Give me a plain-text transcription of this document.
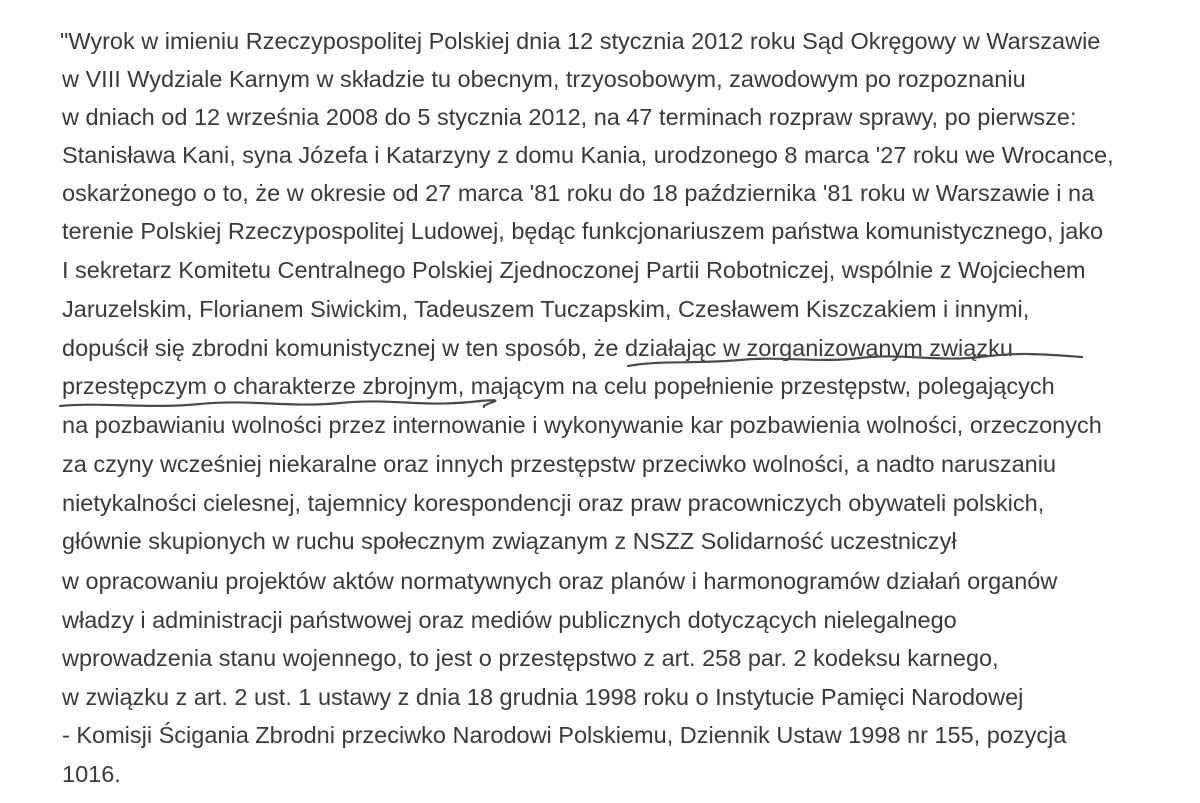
"Wyrok w imieniu Rzeczypospolitej Polskiej dnia 12 stycznia 2012 roku Sąd Okręgowy w Warszawie
w VIII Wydziale Karnym w składzie tu obecnym, trzyosobowym, zawodowym po rozpoznaniu
w dniach od 12 września 2008 do 5 stycznia 2012, na 47 terminach rozpraw sprawy, po pierwsze:
Stanisława Kani, syna Józefa i Katarzyny z domu Kania, urodzonego 8 marca '27 roku we Wrocance,
oskarżonego o to, że w okresie od 27 marca '81 roku do 18 października '81 roku w Warszawie i na
terenie Polskiej Rzeczypospolitej Ludowej, będąc funkcjonariuszem państwa komunistycznego, jako
I sekretarz Komitetu Centralnego Polskiej Zjednoczonej Partii Robotniczej, wspólnie z Wojciechem
Jaruzelskim, Florianem Siwickim, Tadeuszem Tuczapskim, Czesławem Kiszczakiem i innymi,
dopuścił się zbrodni komunistycznej w ten sposób, że działając w zorganizowanym związku
przestępczym o charakterze zbrojnym, mającym na celu popełnienie przestępstw, polegających
na pozbawianiu wolności przez internowanie i wykonywanie kar pozbawienia wolności, orzeczonych
za czyny wcześniej niekaralne oraz innych przestępstw przeciwko wolności, a nadto naruszaniu
nietykalności cielesnej, tajemnicy korespondencji oraz praw pracowniczych obywateli polskich,
głównie skupionych w ruchu społecznym związanym z NSZZ Solidarność uczestniczył
w opracowaniu projektów aktów normatywnych oraz planów i harmonogramów działań organów
władzy i administracji państwowej oraz mediów publicznych dotyczących nielegalnego
wprowadzenia stanu wojennego, to jest o przestępstwo z art. 258 par. 2 kodeksu karnego,
w związku z art. 2 ust. 1 ustawy z dnia 18 grudnia 1998 roku o Instytucie Pamięci Narodowej
- Komisji Ścigania Zbrodni przeciwko Narodowi Polskiemu, Dziennik Ustaw 1998 nr 155, pozycja
1016.
